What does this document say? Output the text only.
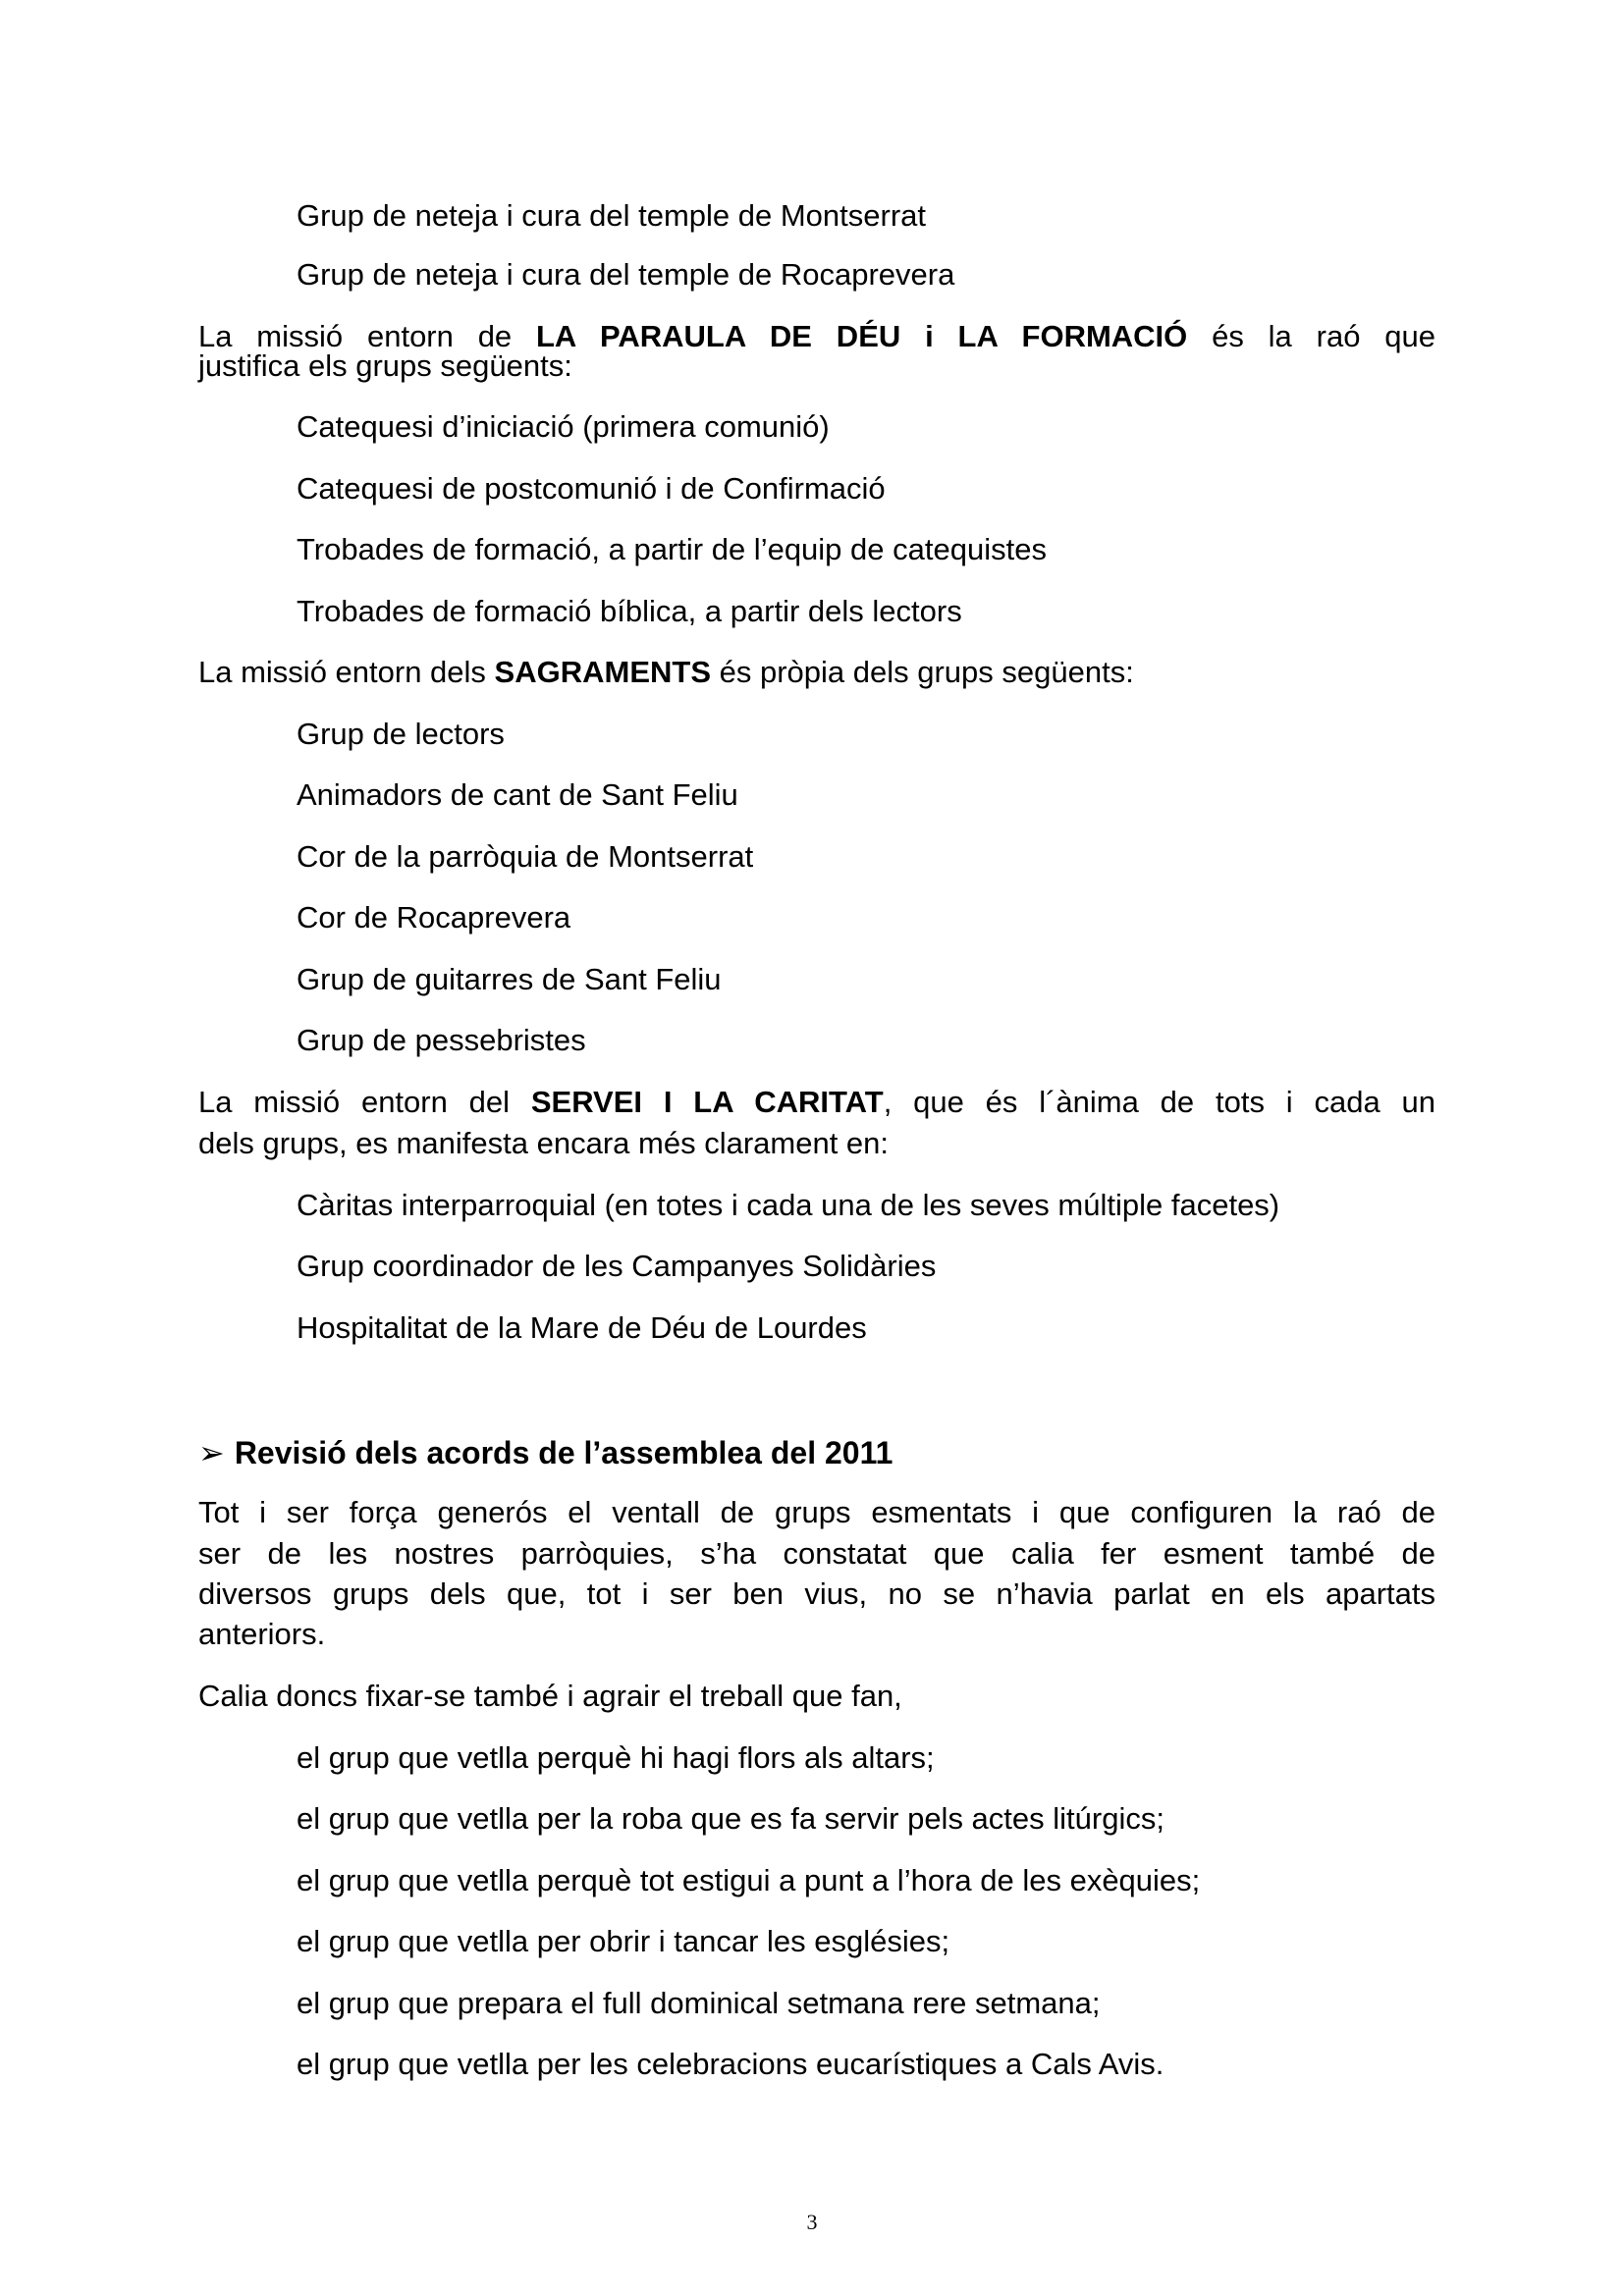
Grup de neteja i cura del temple de Montserrat
Grup de neteja i cura del temple de Rocaprevera
La missió entorn de LA PARAULA DE DÉU i LA FORMACIÓ és la raó que
justifica els grups següents:
Catequesi d’iniciació (primera comunió)
Catequesi de postcomunió i de Confirmació
Trobades de formació, a partir de l’equip de catequistes
Trobades de formació bíblica, a partir dels lectors
La missió entorn dels SAGRAMENTS és pròpia dels grups següents:
Grup de lectors
Animadors de cant de Sant Feliu
Cor de la parròquia de Montserrat
Cor de Rocaprevera
Grup de guitarres de Sant Feliu
Grup de pessebristes
La missió entorn del SERVEI I LA CARITAT, que és l´ànima de tots i cada un
dels grups, es manifesta encara més clarament en:
Càritas interparroquial (en totes i cada una de les seves múltiple facetes)
Grup coordinador de les Campanyes Solidàries
Hospitalitat de la Mare de Déu de Lourdes
➢ Revisió dels acords de l’assemblea del 2011
Tot i ser força generós el ventall de grups esmentats i que configuren la raó de
ser de les nostres parròquies, s’ha constatat que calia fer esment també de
diversos grups dels que, tot i ser ben vius, no se n’havia parlat en els apartats
anteriors.
Calia doncs fixar-se també i agrair el treball que fan,
el grup que vetlla perquè hi hagi flors als altars;
el grup que vetlla per la roba que es fa servir pels actes litúrgics;
el grup que vetlla perquè tot estigui a punt a l’hora de les exèquies;
el grup que vetlla per obrir i tancar les esglésies;
el grup que prepara el full dominical setmana rere setmana;
el grup que vetlla per les celebracions eucarístiques a Cals Avis.
3
